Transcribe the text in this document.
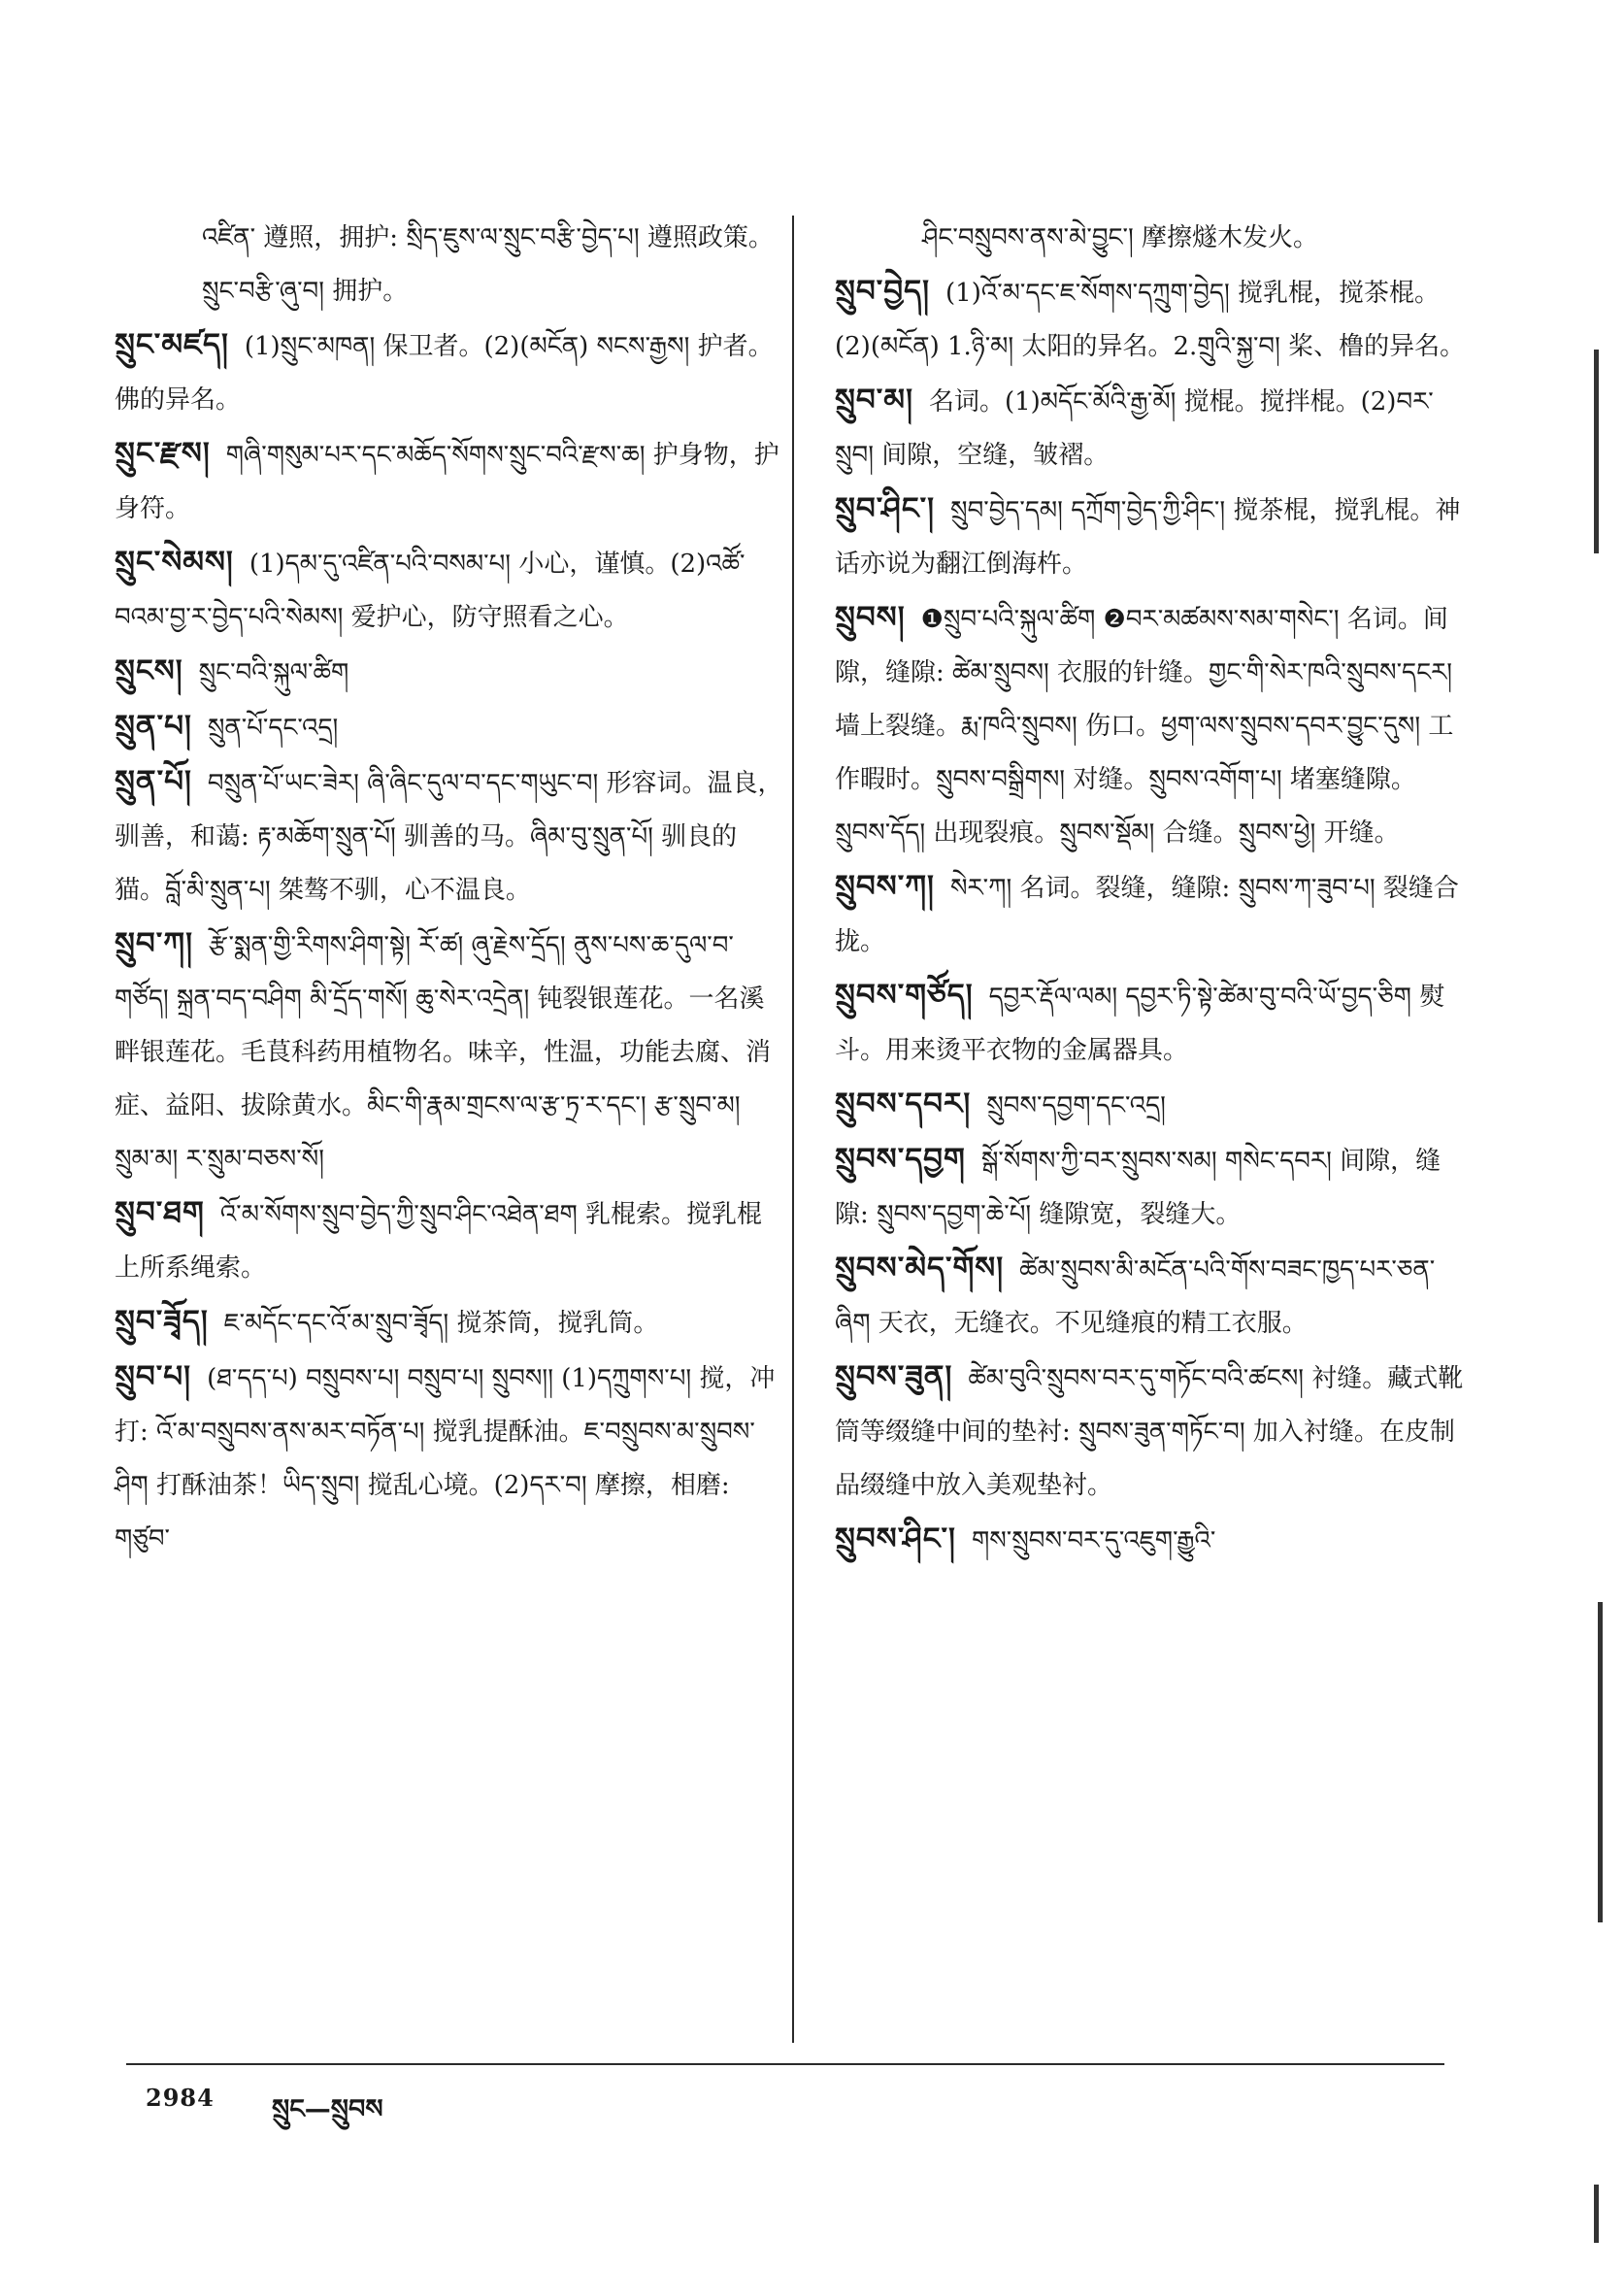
འཛིན་ 遵照，拥护: སྲིད་ཇུས་ལ་སྲུང་བརྩི་བྱེད་པ། 遵照政策。སྲུང་བརྩི་ཞུ་བ། 拥护。

སྲུང་མཛད། (1)སྲུང་མཁན། 保卫者。(2)(མངོན) སངས་རྒྱས། 护者。佛的异名。

སྲུང་རྫས། གཞི་གསུམ་པར་དང་མཆོད་སོགས་སྲུང་བའི་རྫས་ཆ། 护身物，护身符。

སྲུང་སེམས། (1)དམ་དུ་འཛིན་པའི་བསམ་པ། 小心，谨慎。(2)འཚོ་བའམ་བྱ་ར་བྱེད་པའི་སེམས། 爱护心，防守照看之心。

སྲུངས། སྲུང་བའི་སྐུལ་ཚིག

སྲུན་པ། སྲུན་པོ་དང་འདྲ།

སྲུན་པོ། བསྲུན་པོ་ཡང་ཟེར། ཞི་ཞིང་དུལ་བ་དང་གཡུང་བ། 形容词。温良，驯善，和蔼: རྟ་མཆོག་སྲུན་པོ། 驯善的马。ཞིམ་བུ་སྲུན་པོ། 驯良的猫。བློ་མི་སྲུན་པ། 桀骜不驯，心不温良。

སྲུབ་ཀ། རྩོ་སྨན་གྱི་རིགས་ཤིག་སྟེ། རོ་ཚ། ཞུ་རྗེས་དྲོད། ནུས་པས་ཆ་དུལ་བ་གཙོད། སྐྲན་བད་བཤིག མི་དྲོད་གསོ། ཆུ་སེར་འདྲེན། 钝裂银莲花。一名溪畔银莲花。毛茛科药用植物名。味辛，性温，功能去腐、消症、益阳、拔除黄水。མིང་གི་རྣམ་གྲངས་ལ་རྩ་ཏྲ་ར་དང་། རྩ་སྲུབ་མ། སྲུམ་མ། ར་སྲུམ་བཅས་སོ།

སྲུབ་ཐག འོ་མ་སོགས་སྲུབ་བྱེད་ཀྱི་སྲུབ་ཤིང་འཐེན་ཐག 乳棍索。搅乳棍上所系绳索。

སྲུབ་ཟྭོད། ཇ་མདོང་དང་འོ་མ་སྲུབ་ཟྭོད། 搅茶筒，搅乳筒。

སྲུབ་པ། (ཐ་དད་པ) བསྲུབས་པ། བསྲུབ་པ། སྲུབས།། (1)དཀྲུགས་པ། 搅，冲打: འོ་མ་བསྲུབས་ནས་མར་བཏོན་པ། 搅乳提酥油。ཇ་བསྲུབས་མ་སྲུབས་ཤིག 打酥油茶！ཡིད་སྲུབ། 搅乱心境。(2)དར་བ། 摩擦，相磨: གཙུབ་

ཤིང་བསྲུབས་ནས་མེ་བྱུང་། 摩擦燧木发火。

སྲུབ་བྱེད། (1)འོ་མ་དང་ཇ་སོགས་དཀྲུག་བྱེད། 搅乳棍，搅茶棍。(2)(མངོན) 1.ཉི་མ། 太阳的异名。2.གྲུའི་སྐྱ་བ། 桨、橹的异名。

སྲུབ་མ། 名词。(1)མདོང་མོའི་རྒྱ་མོ། 搅棍。搅拌棍。(2)བར་སྲུབ། 间隙，空缝，皱褶。

སྲུབ་ཤིང་། སྲུབ་བྱེད་དམ། དཀྲོག་བྱེད་ཀྱི་ཤིང་། 搅茶棍，搅乳棍。神话亦说为翻江倒海杵。

སྲུབས། ❶སྲུབ་པའི་སྐུལ་ཚིག ❷བར་མཚམས་སམ་གསེང་། 名词。间隙，缝隙: ཚེམ་སྲུབས། 衣服的针缝。གྱང་གི་སེར་ཁའི་སྲུབས་དངར། 墙上裂缝。རྨ་ཁའི་སྲུབས། 伤口。ཕྱག་ལས་སྲུབས་དབར་བྱུང་དུས། 工作暇时。སྲུབས་བསྒྲིགས། 对缝。སྲུབས་འགོག་པ། 堵塞缝隙。སྲུབས་དོད། 出现裂痕。སྲུབས་སྡོམ། 合缝。སྲུབས་ཕྱེ། 开缝。

སྲུབས་ཀ། སེར་ཀ། 名词。裂缝，缝隙: སྲུབས་ཀ་ཟུབ་པ། 裂缝合拢。

སྲུབས་གཙོད། དབྱར་རྡོལ་ལམ། དབྱར་ཏི་སྟེ་ཚེམ་བུ་བའི་ཡོ་བྱད་ཅིག 熨斗。用来烫平衣物的金属器具。

སྲུབས་དབར། སྲུབས་དབྱག་དང་འདྲ།

སྲུབས་དབྱག སྒོ་སོགས་ཀྱི་བར་སྲུབས་སམ། གསེང་དབར། 间隙，缝隙: སྲུབས་དབྱག་ཆེ་པོ། 缝隙宽，裂缝大。

སྲུབས་མེད་གོས། ཚེམ་སྲུབས་མི་མངོན་པའི་གོས་བཟང་ཁྱད་པར་ཅན་ཞིག 天衣，无缝衣。不见缝痕的精工衣服。

སྲུབས་ཟུན། ཚེམ་བུའི་སྲུབས་བར་དུ་གཏོང་བའི་ཚངས། 衬缝。藏式靴筒等缀缝中间的垫衬: སྲུབས་ཟུན་གཏོང་བ། 加入衬缝。在皮制品缀缝中放入美观垫衬。

སྲུབས་ཤིང་། གས་སྲུབས་བར་དུ་འཇུག་རྒྱུའི་

2984 སྲུང—སྲུབས
